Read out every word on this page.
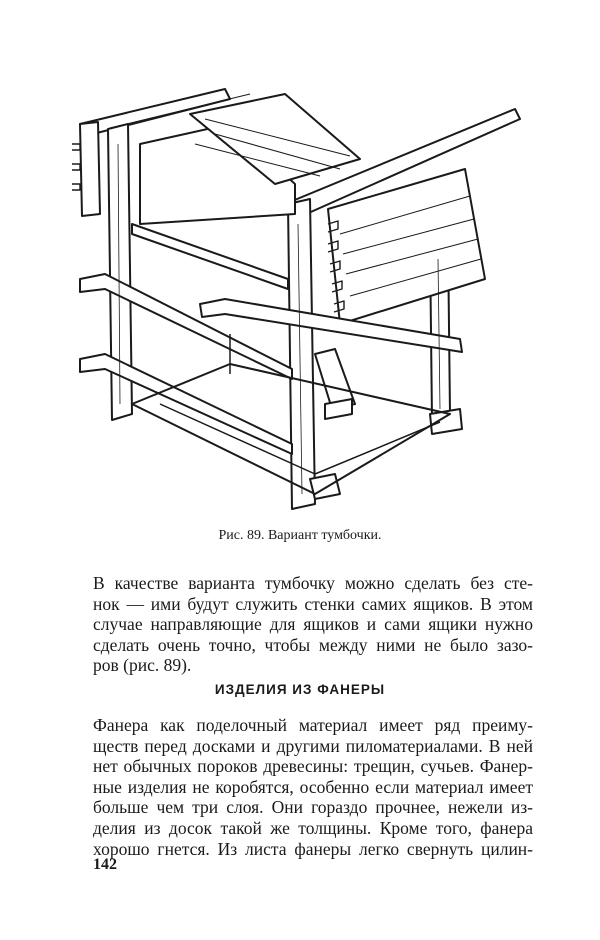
Рис. 89. Вариант тумбочки.

В качестве варианта тумбочку можно сделать без сте-
нок — ими будут служить стенки самих ящиков. В этом
случае направляющие для ящиков и сами ящики нужно
сделать очень точно, чтобы между ними не было зазо-
ров (рис. 89).

ИЗДЕЛИЯ ИЗ ФАНЕРЫ

Фанера как поделочный материал имеет ряд преиму-
ществ перед досками и другими пиломатериалами. В ней
нет обычных пороков древесины: трещин, сучьев. Фанер-
ные изделия не коробятся, особенно если материал имеет
больше чем три слоя. Они гораздо прочнее, нежели из-
делия из досок такой же толщины. Кроме того, фанера
хорошо гнется. Из листа фанеры легко свернуть цилин-

142
